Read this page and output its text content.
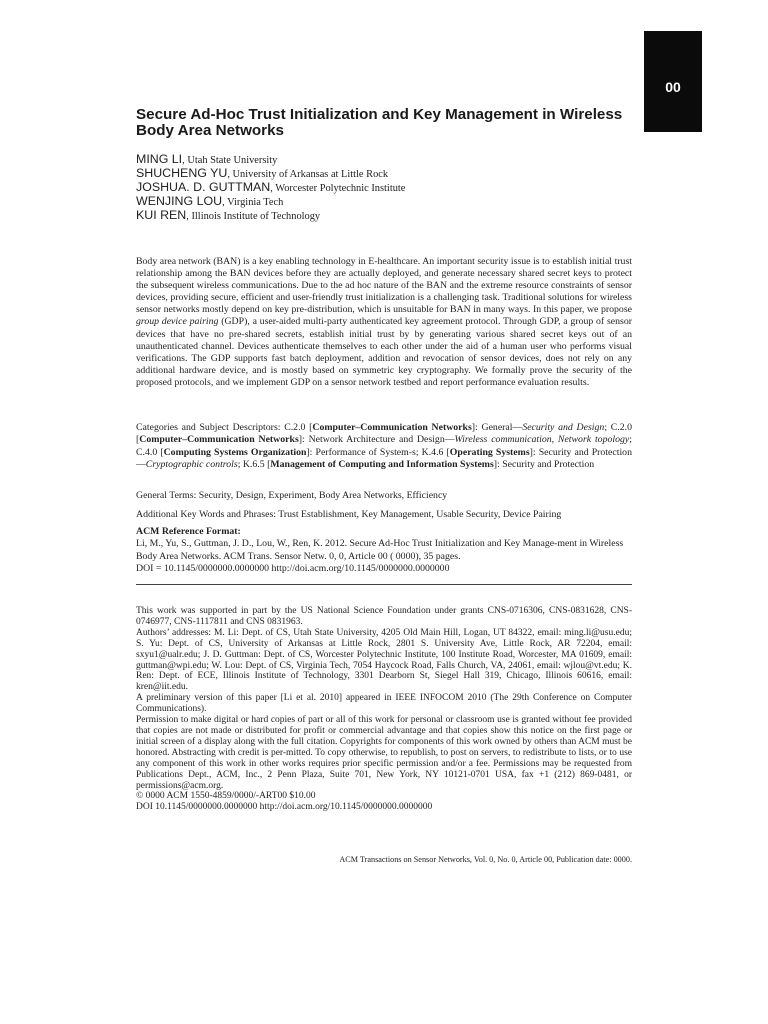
00
Secure Ad-Hoc Trust Initialization and Key Management in Wireless Body Area Networks
MING LI, Utah State University
SHUCHENG YU, University of Arkansas at Little Rock
JOSHUA. D. GUTTMAN, Worcester Polytechnic Institute
WENJING LOU, Virginia Tech
KUI REN, Illinois Institute of Technology

Body area network (BAN) is a key enabling technology in E-healthcare. An important security issue is to establish initial trust relationship among the BAN devices before they are actually deployed, and generate necessary shared secret keys to protect the subsequent wireless communications. Due to the ad hoc nature of the BAN and the extreme resource constraints of sensor devices, providing secure, efficient and user-friendly trust initialization is a challenging task. Traditional solutions for wireless sensor networks mostly depend on key pre-distribution, which is unsuitable for BAN in many ways. In this paper, we propose group device pairing (GDP), a user-aided multi-party authenticated key agreement protocol. Through GDP, a group of sensor devices that have no pre-shared secrets, establish initial trust by by generating various shared secret keys out of an unauthenticated channel. Devices authenticate themselves to each other under the aid of a human user who performs visual verifications. The GDP supports fast batch deployment, addition and revocation of sensor devices, does not rely on any additional hardware device, and is mostly based on symmetric key cryptography. We formally prove the security of the proposed protocols, and we implement GDP on a sensor network testbed and report performance evaluation results.

Categories and Subject Descriptors: C.2.0 [Computer–Communication Networks]: General—Security and Design; C.2.0 [Computer–Communication Networks]: Network Architecture and Design—Wireless communication, Network topology; C.4.0 [Computing Systems Organization]: Performance of System-s; K.4.6 [Operating Systems]: Security and Protection—Cryptographic controls; K.6.5 [Management of Computing and Information Systems]: Security and Protection

General Terms: Security, Design, Experiment, Body Area Networks, Efficiency

Additional Key Words and Phrases: Trust Establishment, Key Management, Usable Security, Device Pairing

ACM Reference Format:
Li, M., Yu, S., Guttman, J. D., Lou, W., Ren, K. 2012. Secure Ad-Hoc Trust Initialization and Key Manage-ment in Wireless Body Area Networks. ACM Trans. Sensor Netw. 0, 0, Article 00 ( 0000), 35 pages.
DOI = 10.1145/0000000.0000000 http://doi.acm.org/10.1145/0000000.0000000

This work was supported in part by the US National Science Foundation under grants CNS-0716306, CNS-0831628, CNS-0746977, CNS-1117811 and CNS 0831963.

Authors’ addresses: M. Li: Dept. of CS, Utah State University, 4205 Old Main Hill, Logan, UT 84322, email: ming.li@usu.edu; S. Yu: Dept. of CS, University of Arkansas at Little Rock, 2801 S. University Ave, Little Rock, AR 72204, email: sxyu1@ualr.edu; J. D. Guttman: Dept. of CS, Worcester Polytechnic Institute, 100 Institute Road, Worcester, MA 01609, email: guttman@wpi.edu; W. Lou: Dept. of CS, Virginia Tech, 7054 Haycock Road, Falls Church, VA, 24061, email: wjlou@vt.edu; K. Ren: Dept. of ECE, Illinois Institute of Technology, 3301 Dearborn St, Siegel Hall 319, Chicago, Illinois 60616, email: kren@iit.edu.

A preliminary version of this paper [Li et al. 2010] appeared in IEEE INFOCOM 2010 (The 29th Conference on Computer Communications).

Permission to make digital or hard copies of part or all of this work for personal or classroom use is granted without fee provided that copies are not made or distributed for profit or commercial advantage and that copies show this notice on the first page or initial screen of a display along with the full citation. Copyrights for components of this work owned by others than ACM must be honored. Abstracting with credit is per-mitted. To copy otherwise, to republish, to post on servers, to redistribute to lists, or to use any component of this work in other works requires prior specific permission and/or a fee. Permissions may be requested from Publications Dept., ACM, Inc., 2 Penn Plaza, Suite 701, New York, NY 10121-0701 USA, fax +1 (212) 869-0481, or permissions@acm.org.

© 0000 ACM 1550-4859/0000/-ART00 $10.00

DOI 10.1145/0000000.0000000 http://doi.acm.org/10.1145/0000000.0000000

ACM Transactions on Sensor Networks, Vol. 0, No. 0, Article 00, Publication date: 0000.
